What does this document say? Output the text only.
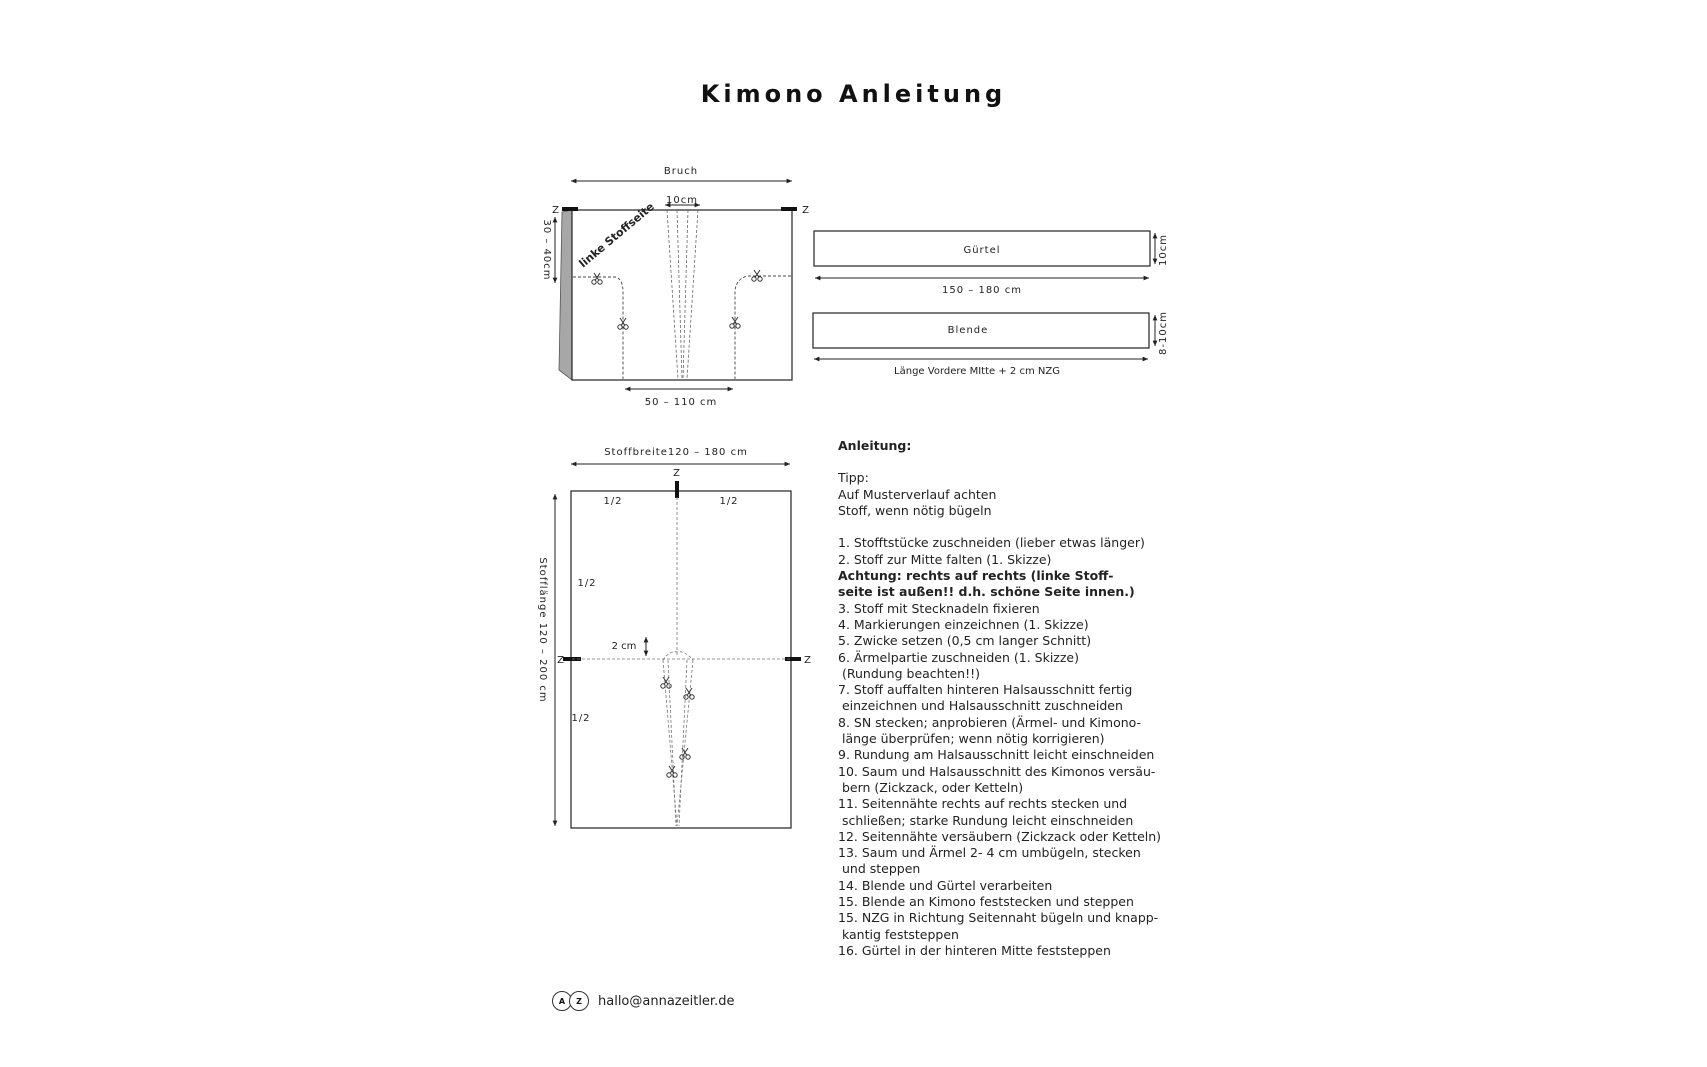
Kimono Anleitung
Bruch
Z	Z
10cm
30 – 40cm linke Stoffseite
50 – 110 cm
Gürtel	10cm
150 – 180 cm
Blende	8-10cm
Länge Vordere MItte + 2 cm NZG
Stoffbreite120 – 180 cm
Z
Z	Z
1/2	1/2
1/2
1/2
2 cm
Stofflänge 120 – 200 cm
Anleitung:
Tipp:
Auf Musterverlauf achten
Stoff, wenn nötig bügeln
1. Stofftstücke zuschneiden (lieber etwas länger)
2. Stoff zur Mitte falten (1. Skizze)
Achtung: rechts auf rechts (linke Stoff-
seite ist außen!! d.h. schöne Seite innen.)
3. Stoff mit Stecknadeln fixieren
4. Markierungen einzeichnen (1. Skizze)
5. Zwicke setzen (0,5 cm langer Schnitt)
6. Ärmelpartie zuschneiden (1. Skizze)
(Rundung beachten!!)
7. Stoff auffalten hinteren Halsausschnitt fertig
einzeichnen und Halsausschnitt zuschneiden
8. SN stecken; anprobieren (Ärmel- und Kimono-
länge überprüfen; wenn nötig korrigieren)
9. Rundung am Halsausschnitt leicht einschneiden
10. Saum und Halsausschnitt des Kimonos versäu-
bern (Zickzack, oder Ketteln)
11. Seitennähte rechts auf rechts stecken und
schließen; starke Rundung leicht einschneiden
12. Seitennähte versäubern (Zickzack oder Ketteln)
13. Saum und Ärmel 2- 4 cm umbügeln, stecken
und steppen
14. Blende und Gürtel verarbeiten
15. Blende an Kimono feststecken und steppen
15. NZG in Richtung Seitennaht bügeln und knapp-
kantig feststeppen
16. Gürtel in der hinteren Mitte feststeppen
A	Z	hallo@annazeitler.de
